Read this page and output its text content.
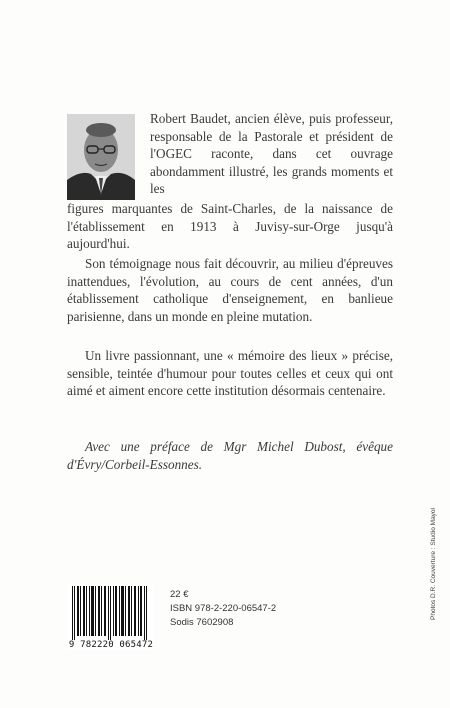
Robert Baudet, ancien élève, puis professeur, responsable de la Pastorale et président de l'OGEC raconte, dans cet ouvrage abondamment illustré, les grands moments et les

figures marquantes de Saint-Charles, de la naissance de l'établissement en 1913 à Juvisy-sur-Orge jusqu'à aujourd'hui.

Son témoignage nous fait découvrir, au milieu d'épreuves inattendues, l'évolution, au cours de cent années, d'un établissement catholique d'enseignement, en banlieue parisienne, dans un monde en pleine mutation.

Un livre passionnant, une « mémoire des lieux » précise, sensible, teintée d'humour pour toutes celles et ceux qui ont aimé et aiment encore cette institution désormais centenaire.

Avec une préface de Mgr Michel Dubost, évêque d'Évry/Corbeil-Essonnes.

9 782220 065472
22 €
ISBN 978-2-220-06547-2
Sodis 7602908
Photos D.R. Couverture : Studio Mayol
